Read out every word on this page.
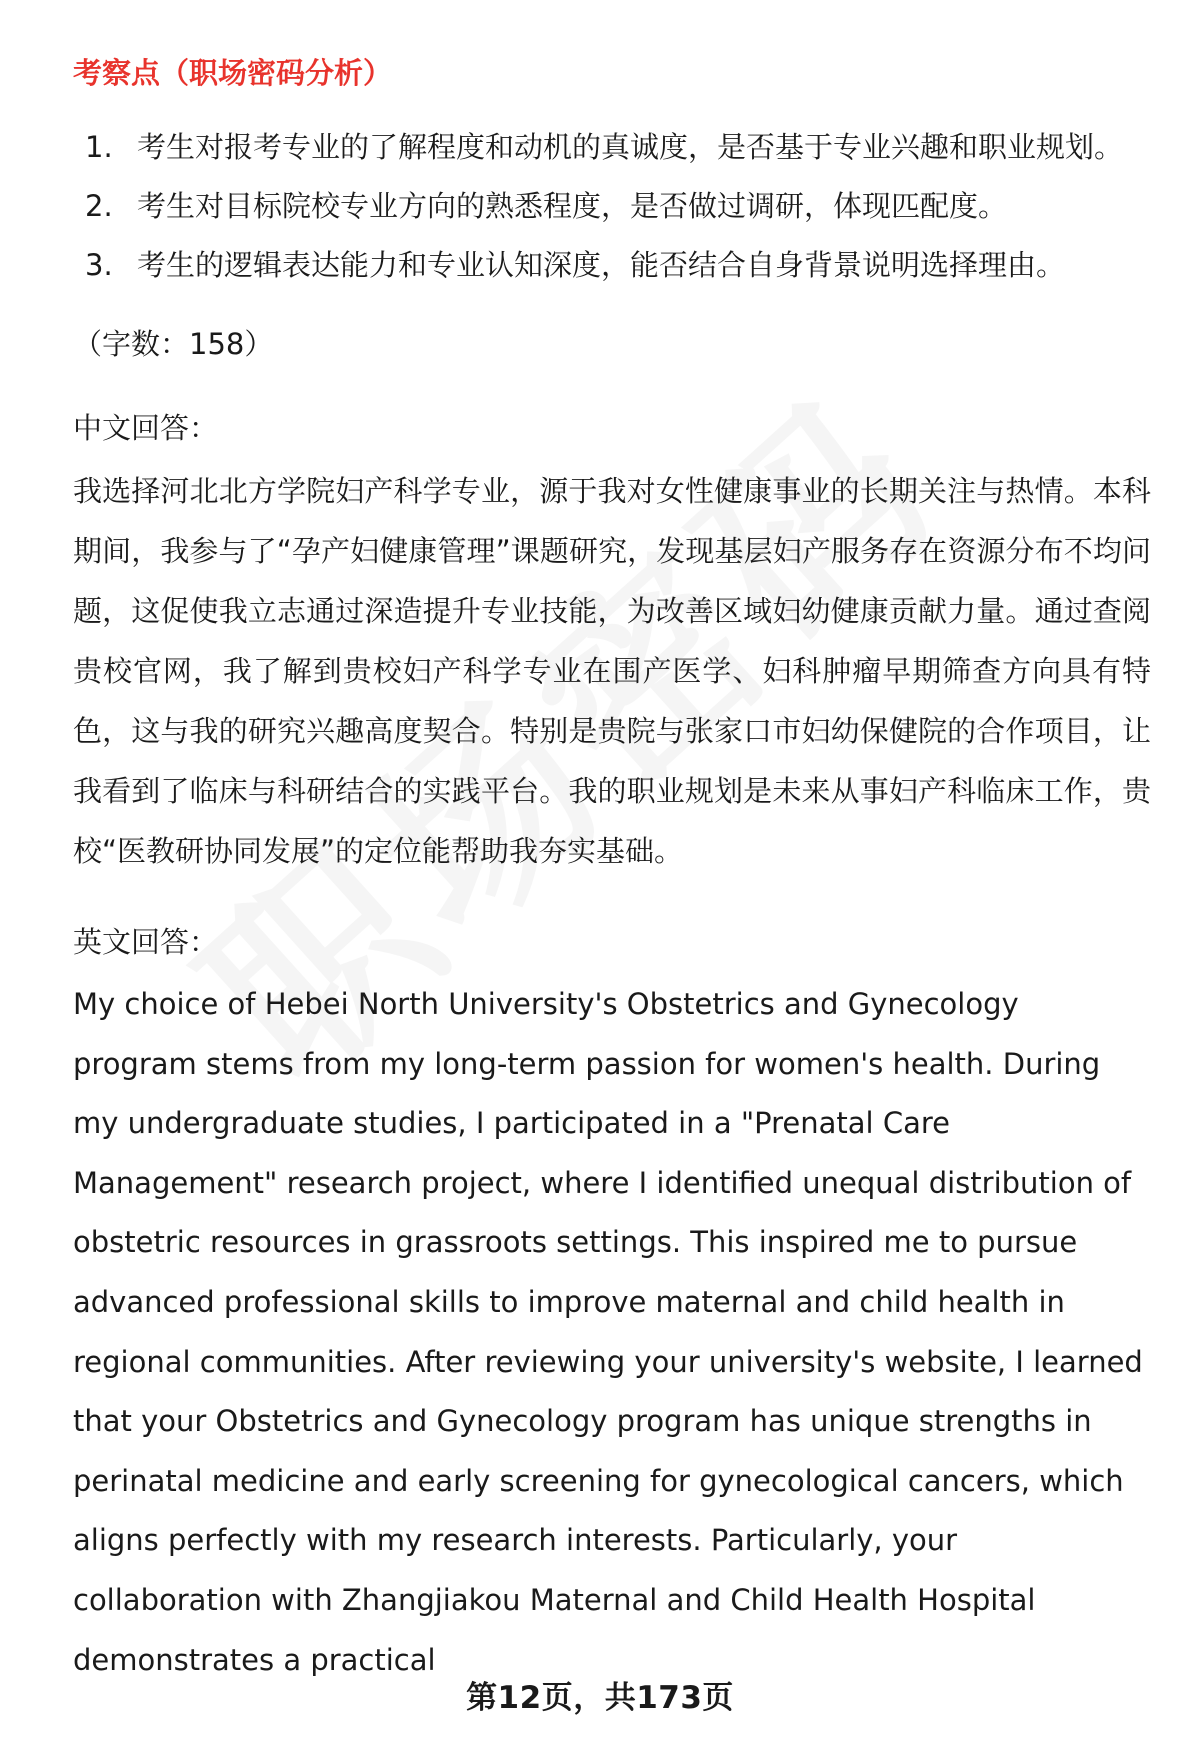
考察点（职场密码分析）
1. 考生对报考专业的了解程度和动机的真诚度，是否基于专业兴趣和职业规划。
2. 考生对目标院校专业方向的熟悉程度，是否做过调研，体现匹配度。
3. 考生的逻辑表达能力和专业认知深度，能否结合自身背景说明选择理由。
（字数：158）
中文回答：
我选择河北北方学院妇产科学专业，源于我对女性健康事业的长期关注与热情。本科期间，我参与了“孕产妇健康管理”课题研究，发现基层妇产服务存在资源分布不均问题，这促使我立志通过深造提升专业技能，为改善区域妇幼健康贡献力量。通过查阅贵校官网，我了解到贵校妇产科学专业在围产医学、妇科肿瘤早期筛查方向具有特色，这与我的研究兴趣高度契合。特别是贵院与张家口市妇幼保健院的合作项目，让我看到了临床与科研结合的实践平台。我的职业规划是未来从事妇产科临床工作，贵校“医教研协同发展”的定位能帮助我夯实基础。
英文回答：
My choice of Hebei North University's Obstetrics and Gynecology program stems from my long-term passion for women's health. During my undergraduate studies, I participated in a "Prenatal Care Management" research project, where I identified unequal distribution of obstetric resources in grassroots settings. This inspired me to pursue advanced professional skills to improve maternal and child health in regional communities. After reviewing your university's website, I learned that your Obstetrics and Gynecology program has unique strengths in perinatal medicine and early screening for gynecological cancers, which aligns perfectly with my research interests. Particularly, your collaboration with Zhangjiakou Maternal and Child Health Hospital demonstrates a practical
第12页，共173页
